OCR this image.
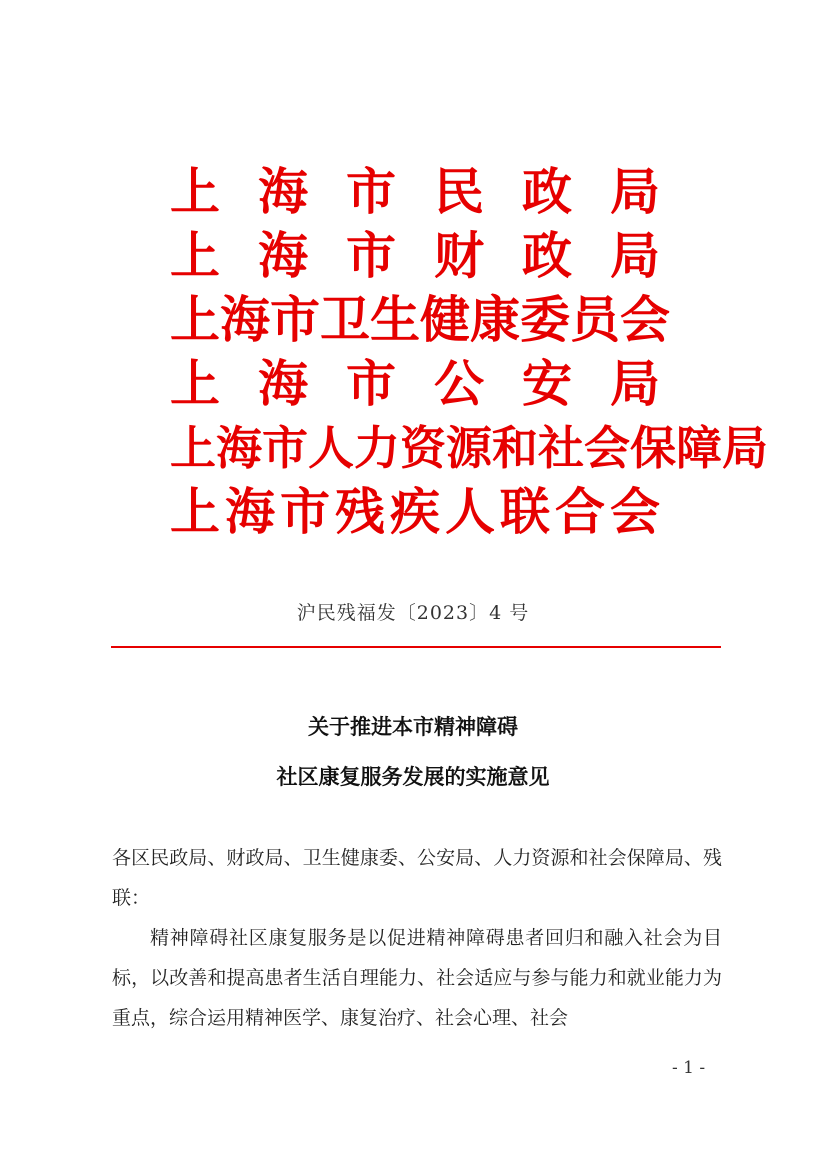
上 海 市 民 政 局
上 海 市 财 政 局
上 海 市 卫 生 健 康 委 员 会
上 海 市 公 安 局
上 海 市 人 力 资 源 和 社 会 保 障 局
上 海 市 残 疾 人 联 合 会
沪民残福发〔2023〕4 号
关于推进本市精神障碍
社区康复服务发展的实施意见

各区民政局、财政局、卫生健康委、公安局、人力资源和社会保障局、残联：

精神障碍社区康复服务是以促进精神障碍患者回归和融入社会为目标，以改善和提高患者生活自理能力、社会适应与参与能力和就业能力为重点，综合运用精神医学、康复治疗、社会心理、社会

- 1 -
